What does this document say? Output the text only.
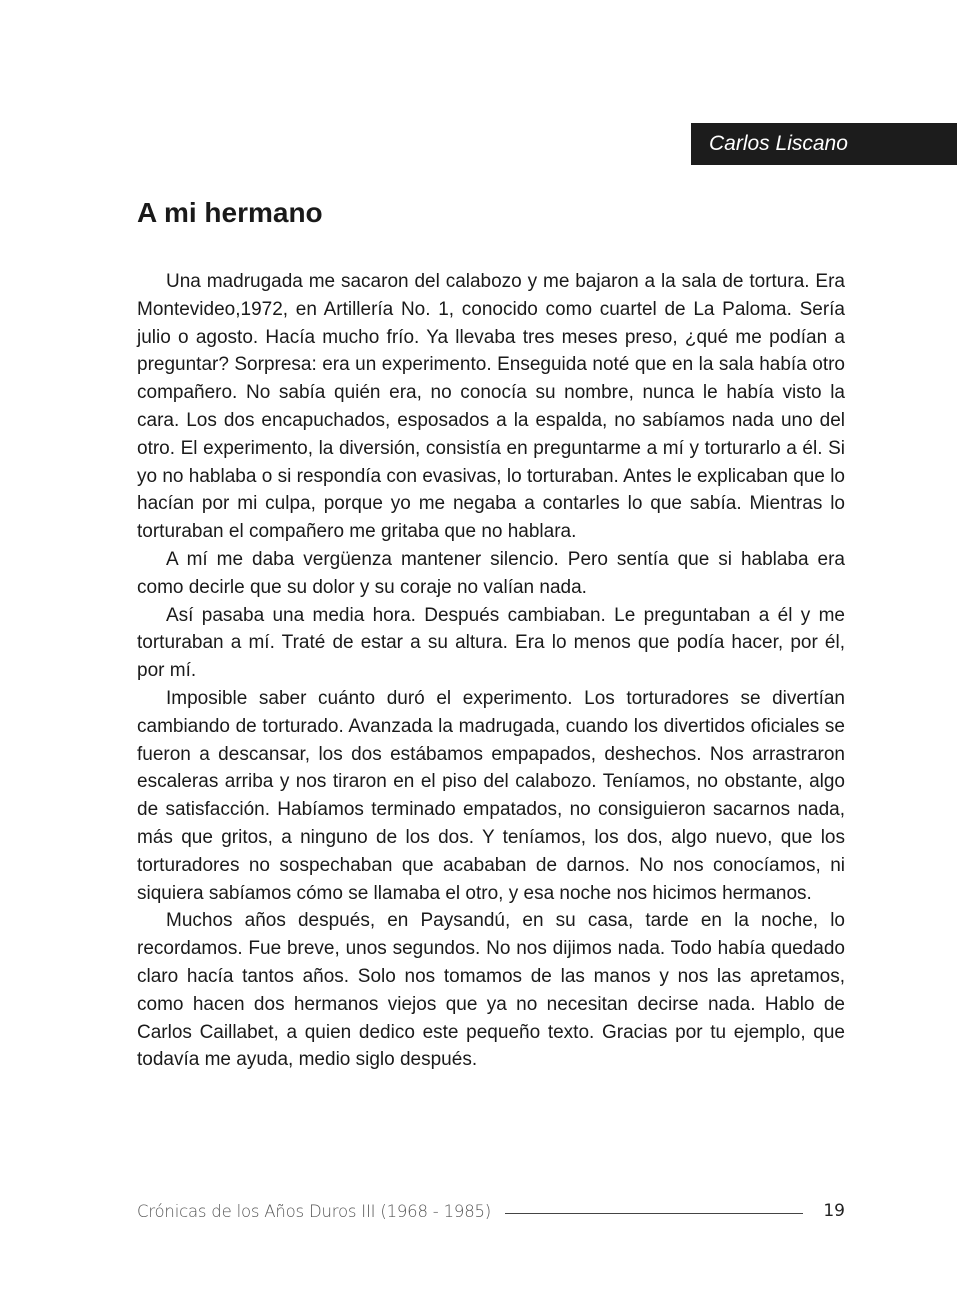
Carlos Liscano
A mi hermano

Una madrugada me sacaron del calabozo y me bajaron a la sala de tortura. Era Montevideo,1972, en Artillería No. 1, conocido como cuartel de La Paloma. Sería julio o agosto. Hacía mucho frío. Ya llevaba tres meses preso, ¿qué me podían a preguntar? Sorpresa: era un experimento. Enseguida noté que en la sala había otro compañero. No sabía quién era, no conocía su nombre, nunca le había visto la cara. Los dos encapuchados, esposados a la espalda, no sabíamos nada uno del otro. El experimento, la diversión, consistía en preguntarme a mí y torturarlo a él. Si yo no hablaba o si respondía con evasivas, lo torturaban. Antes le explicaban que lo hacían por mi culpa, porque yo me negaba a contarles lo que sabía. Mientras lo torturaban el compañero me gritaba que no hablara.

A mí me daba vergüenza mantener silencio. Pero sentía que si hablaba era como decirle que su dolor y su coraje no valían nada.

Así pasaba una media hora. Después cambiaban. Le preguntaban a él y me torturaban a mí. Traté de estar a su altura. Era lo menos que podía hacer, por él, por mí.

Imposible saber cuánto duró el experimento. Los torturadores se divertían cambiando de torturado. Avanzada la madrugada, cuando los divertidos oficiales se fueron a descansar, los dos estábamos empapados, deshechos. Nos arrastraron escaleras arriba y nos tiraron en el piso del calabozo. Teníamos, no obstante, algo de satisfacción. Habíamos terminado empatados, no consiguieron sacarnos nada, más que gritos, a ninguno de los dos. Y teníamos, los dos, algo nuevo, que los torturadores no sospechaban que acababan de darnos. No nos conocíamos, ni siquiera sabíamos cómo se llamaba el otro, y esa noche nos hicimos hermanos.

Muchos años después, en Paysandú, en su casa, tarde en la noche, lo recordamos. Fue breve, unos segundos. No nos dijimos nada. Todo había quedado claro hacía tantos años. Solo nos tomamos de las manos y nos las apretamos, como hacen dos hermanos viejos que ya no necesitan decirse nada. Hablo de Carlos Caillabet, a quien dedico este pequeño texto. Gracias por tu ejemplo, que todavía me ayuda, medio siglo después.

Crónicas de los Años Duros III (1968 - 1985)	19
